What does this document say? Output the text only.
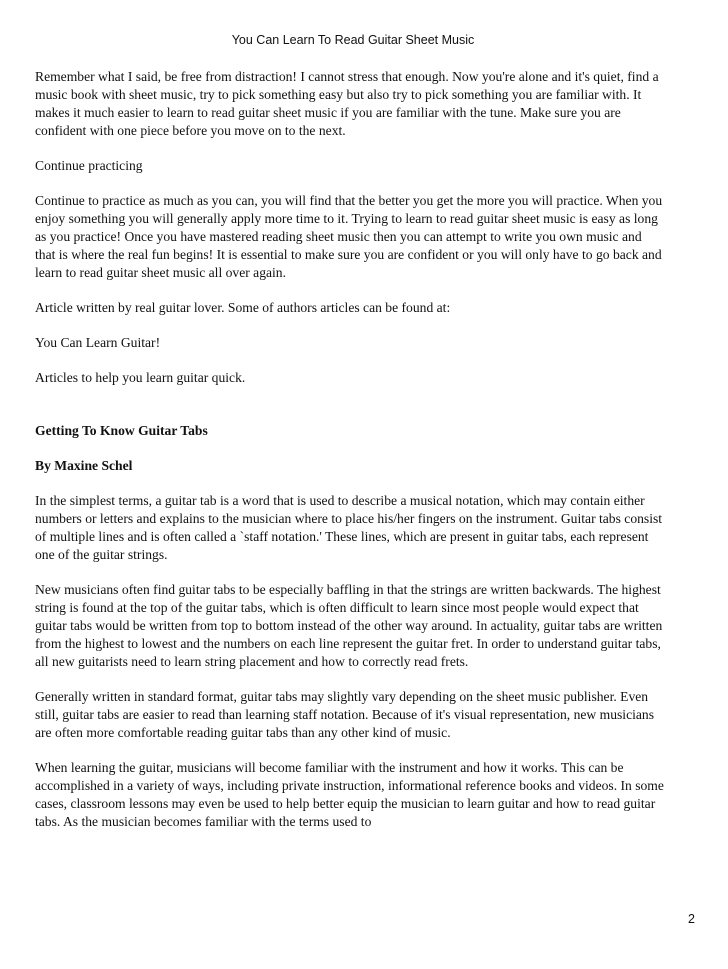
You Can Learn To Read Guitar Sheet Music

Remember what I said, be free from distraction! I cannot stress that enough. Now you're alone and it's quiet, find a music book with sheet music, try to pick something easy but also try to pick something you are familiar with. It makes it much easier to learn to read guitar sheet music if you are familiar with the tune. Make sure you are confident with one piece before you move on to the next.

Continue practicing

Continue to practice as much as you can, you will find that the better you get the more you will practice. When you enjoy something you will generally apply more time to it. Trying to learn to read guitar sheet music is easy as long as you practice! Once you have mastered reading sheet music then you can attempt to write you own music and that is where the real fun begins! It is essential to make sure you are confident or you will only have to go back and learn to read guitar sheet music all over again.

Article written by real guitar lover. Some of authors articles can be found at:

You Can Learn Guitar!

Articles to help you learn guitar quick.

Getting To Know Guitar Tabs

By Maxine Schel

In the simplest terms, a guitar tab is a word that is used to describe a musical notation, which may contain either numbers or letters and explains to the musician where to place his/her fingers on the instrument. Guitar tabs consist of multiple lines and is often called a `staff notation.' These lines, which are present in guitar tabs, each represent one of the guitar strings.

New musicians often find guitar tabs to be especially baffling in that the strings are written backwards. The highest string is found at the top of the guitar tabs, which is often difficult to learn since most people would expect that guitar tabs would be written from top to bottom instead of the other way around. In actuality, guitar tabs are written from the highest to lowest and the numbers on each line represent the guitar fret. In order to understand guitar tabs, all new guitarists need to learn string placement and how to correctly read frets.

Generally written in standard format, guitar tabs may slightly vary depending on the sheet music publisher. Even still, guitar tabs are easier to read than learning staff notation. Because of it's visual representation, new musicians are often more comfortable reading guitar tabs than any other kind of music.

When learning the guitar, musicians will become familiar with the instrument and how it works. This can be accomplished in a variety of ways, including private instruction, informational reference books and videos. In some cases, classroom lessons may even be used to help better equip the musician to learn guitar and how to read guitar tabs. As the musician becomes familiar with the terms used to

2
